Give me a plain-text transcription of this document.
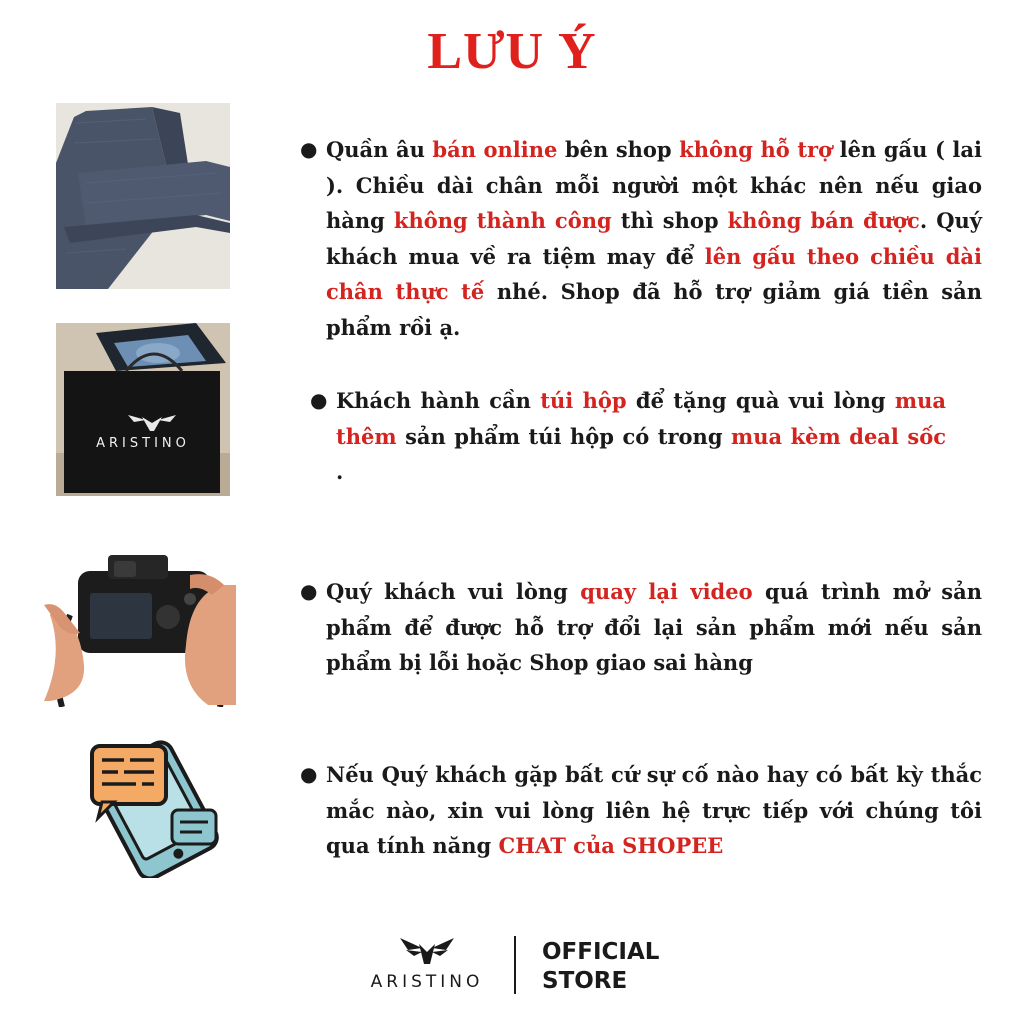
LƯU Ý
● Quần âu bán online bên shop không hỗ trợ lên gấu ( lai ). Chiều dài chân mỗi người một khác nên nếu giao hàng không thành công thì shop không bán được. Quý khách mua về ra tiệm may để lên gấu theo chiều dài chân thực tế nhé. Shop đã hỗ trợ giảm giá tiền sản phẩm rồi ạ.
ARISTINO
● Khách hành cần túi hộp để tặng quà vui lòng mua thêm sản phẩm túi hộp có trong mua kèm deal sốc .
● Quý khách vui lòng quay lại video quá trình mở sản phẩm để được hỗ trợ đổi lại sản phẩm mới nếu sản phẩm bị lỗi hoặc Shop giao sai hàng
● Nếu Quý khách gặp bất cứ sự cố nào hay có bất kỳ thắc mắc nào, xin vui lòng liên hệ trực tiếp với chúng tôi qua tính năng CHAT của SHOPEE
ARISTINO
OFFICIAL
STORE
